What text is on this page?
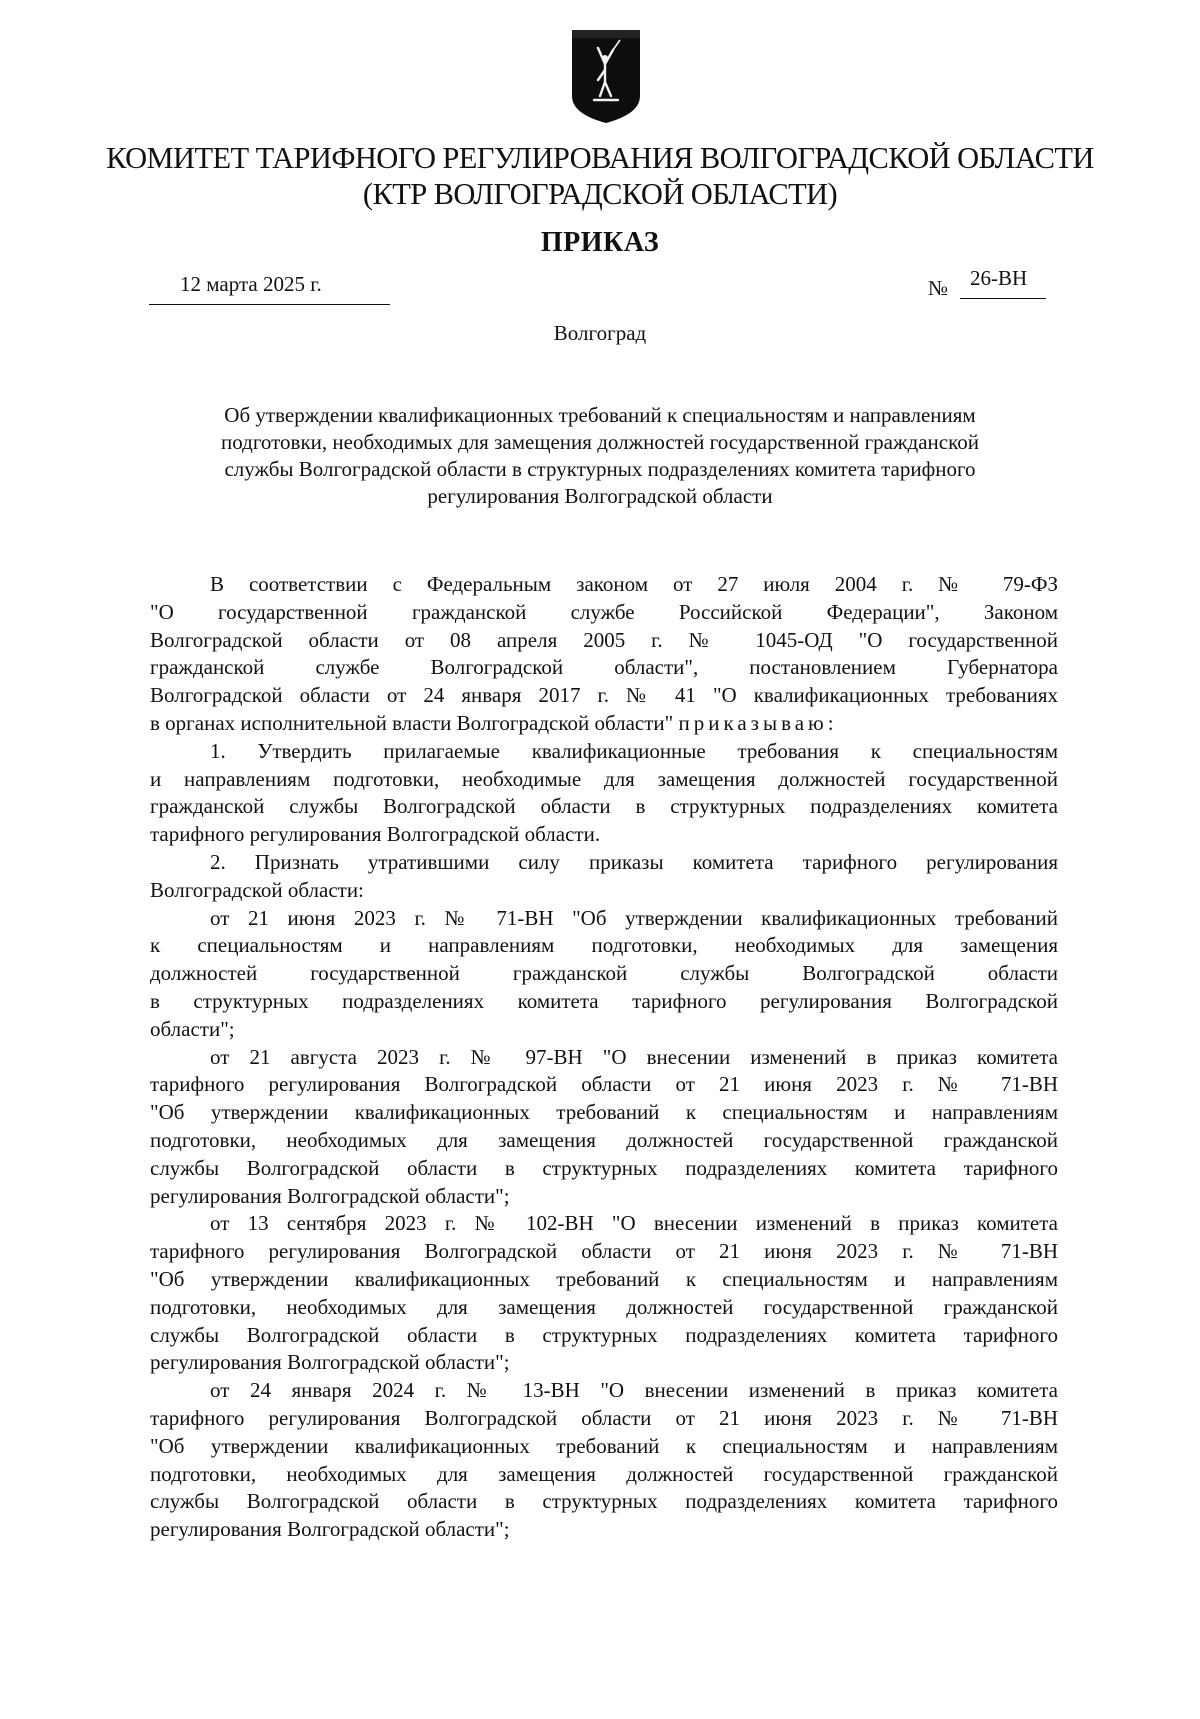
КОМИТЕТ ТАРИФНОГО РЕГУЛИРОВАНИЯ ВОЛГОГРАДСКОЙ ОБЛАСТИ
(КТР ВОЛГОГРАДСКОЙ ОБЛАСТИ)
ПРИКАЗ
12 марта 2025 г.	№ 26-ВН
Волгоград
Об утверждении квалификационных требований к специальностям и направлениям
подготовки, необходимых для замещения должностей государственной гражданской
службы Волгоградской области в структурных подразделениях комитета тарифного
регулирования Волгоградской области
В соответствии с Федеральным законом от 27 июля 2004 г. № 79-ФЗ
"О государственной гражданской службе Российской Федерации", Законом
Волгоградской области от 08 апреля 2005 г. № 1045-ОД "О государственной
гражданской службе Волгоградской области", постановлением Губернатора
Волгоградской области от 24 января 2017 г. № 41 "О квалификационных требованиях
в органах исполнительной власти Волгоградской области" приказываю:
1. Утвердить прилагаемые квалификационные требования к специальностям
и направлениям подготовки, необходимые для замещения должностей государственной
гражданской службы Волгоградской области в структурных подразделениях комитета
тарифного регулирования Волгоградской области.
2. Признать утратившими силу приказы комитета тарифного регулирования
Волгоградской области:
от 21 июня 2023 г. № 71-ВН "Об утверждении квалификационных требований
к специальностям и направлениям подготовки, необходимых для замещения
должностей государственной гражданской службы Волгоградской области
в структурных подразделениях комитета тарифного регулирования Волгоградской
области";
от 21 августа 2023 г. № 97-ВН "О внесении изменений в приказ комитета
тарифного регулирования Волгоградской области от 21 июня 2023 г. № 71-ВН
"Об утверждении квалификационных требований к специальностям и направлениям
подготовки, необходимых для замещения должностей государственной гражданской
службы Волгоградской области в структурных подразделениях комитета тарифного
регулирования Волгоградской области";
от 13 сентября 2023 г. № 102-ВН "О внесении изменений в приказ комитета
тарифного регулирования Волгоградской области от 21 июня 2023 г. № 71-ВН
"Об утверждении квалификационных требований к специальностям и направлениям
подготовки, необходимых для замещения должностей государственной гражданской
службы Волгоградской области в структурных подразделениях комитета тарифного
регулирования Волгоградской области";
от 24 января 2024 г. № 13-ВН "О внесении изменений в приказ комитета
тарифного регулирования Волгоградской области от 21 июня 2023 г. № 71-ВН
"Об утверждении квалификационных требований к специальностям и направлениям
подготовки, необходимых для замещения должностей государственной гражданской
службы Волгоградской области в структурных подразделениях комитета тарифного
регулирования Волгоградской области";
